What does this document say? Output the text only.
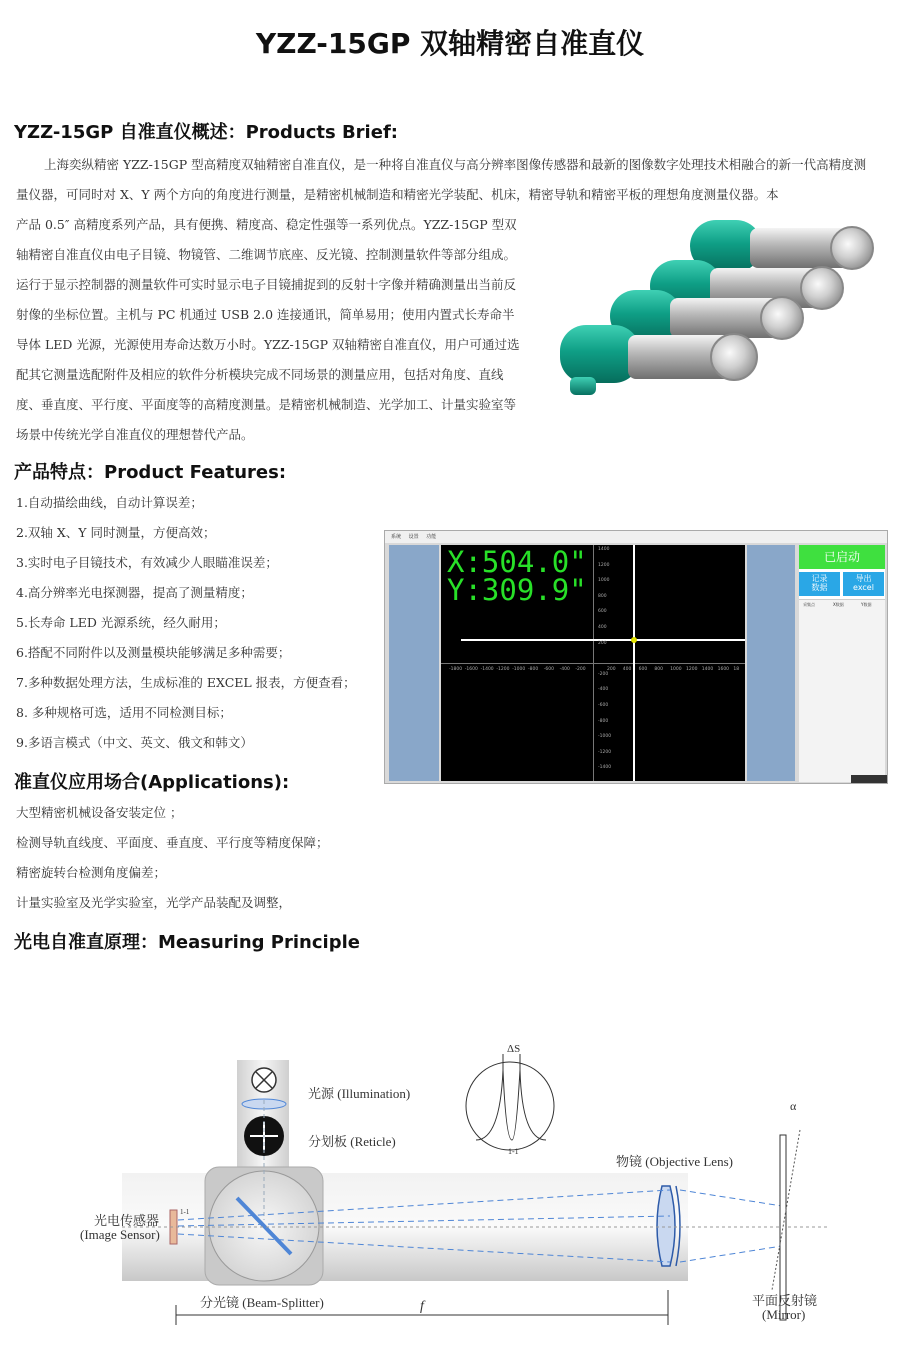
YZZ-15GP 双轴精密自准直仪
YZZ-15GP 自准直仪概述：Products Brief:

上海奕纵精密 YZZ-15GP 型高精度双轴精密自准直仪，是一种将自准直仪与高分辨率图像传感器和最新的图像数字处理技术相融合的新一代高精度测量仪器，可同时对 X、Y 两个方向的角度进行测量，是精密机械制造和精密光学装配、机床，精密导轨和精密平板的理想角度测量仪器。本

产品 0.5″ 高精度系列产品，具有便携、精度高、稳定性强等一系列优点。YZZ-15GP 型双轴精密自准直仪由电子目镜、物镜管、二维调节底座、反光镜、控制测量软件等部分组成。运行于显示控制器的测量软件可实时显示电子目镜捕捉到的反射十字像并精确测量出当前反射像的坐标位置。主机与 PC 机通过 USB 2.0 连接通讯，简单易用；使用内置式长寿命半导体 LED 光源，光源使用寿命达数万小时。YZZ-15GP 双轴精密自准直仪，用户可通过选配其它测量选配附件及相应的软件分析模块完成不同场景的测量应用，包括对角度、直线度、垂直度、平行度、平面度等的高精度测量。是精密机械制造、光学加工、计量实验室等场景中传统光学自准直仪的理想替代产品。

产品特点：Product Features:
1.自动描绘曲线，自动计算误差；
2.双轴 X、Y 同时测量，方便高效；
3.实时电子目镜技术，有效减少人眼瞄准误差；
4.高分辨率光电探测器，提高了测量精度；
5.长寿命 LED 光源系统，经久耐用；
6.搭配不同附件以及测量模块能够满足多种需要；
7.多种数据处理方法，生成标准的 EXCEL 报表，方便查看；
8. 多种规格可选，适用不同检测目标；
9.多语言模式（中文、英文、俄文和韩文）
系统 设置 功能
X:504.0"
Y:309.9"
1400
1200
1000
800
600
400
200
-200
-400
-600
-800
-1000
-1200
-1400
-1800 -1600 -1400 -1200 -1000 -800 -600 -400 -200	200 400 600 800 1000 1200 1400 1600 18
已启动
记录
数据
导出
excel
采集点	X数据	Y数据
准直仪应用场合(Applications):
大型精密机械设备安装定位 ；
检测导轨直线度、平面度、垂直度、平行度等精度保障；
精密旋转台检测角度偏差；
计量实验室及光学实验室，光学产品装配及调整，
光电自准直原理：Measuring Principle
ΔS
1-1
1-1
α
f
光源 (Illumination)
分划板 (Reticle)
物镜 (Objective Lens)
光电传感器
(Image Sensor)
分光镜 (Beam-Splitter)	平面反射镜
(Mirror)
